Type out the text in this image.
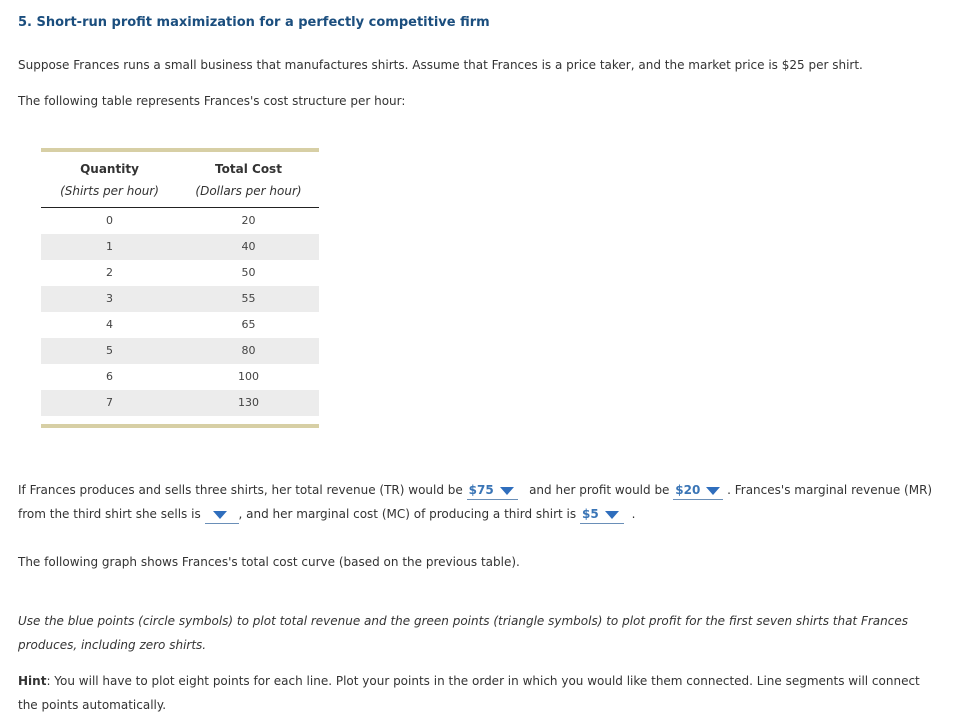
5. Short-run profit maximization for a perfectly competitive firm
Suppose Frances runs a small business that manufactures shirts. Assume that Frances is a price taker, and the market price is $25 per shirt.
The following table represents Frances's cost structure per hour:
Quantity
(Shirts per hour)
Total Cost
(Dollars per hour)
0	20
1	40
2	50
3	55
4	65
5	80
6	100
7	130
If Frances produces and sells three shirts, her total revenue (TR) would be $75	and her profit would be $20 . Frances's marginal revenue (MR) from the third shirt she sells is	, and her marginal cost (MC) of producing a third shirt is $5	.
The following graph shows Frances's total cost curve (based on the previous table).
Use the blue points (circle symbols) to plot total revenue and the green points (triangle symbols) to plot profit for the first seven shirts that Frances produces, including zero shirts.
Hint: You will have to plot eight points for each line. Plot your points in the order in which you would like them connected. Line segments will connect the points automatically.
